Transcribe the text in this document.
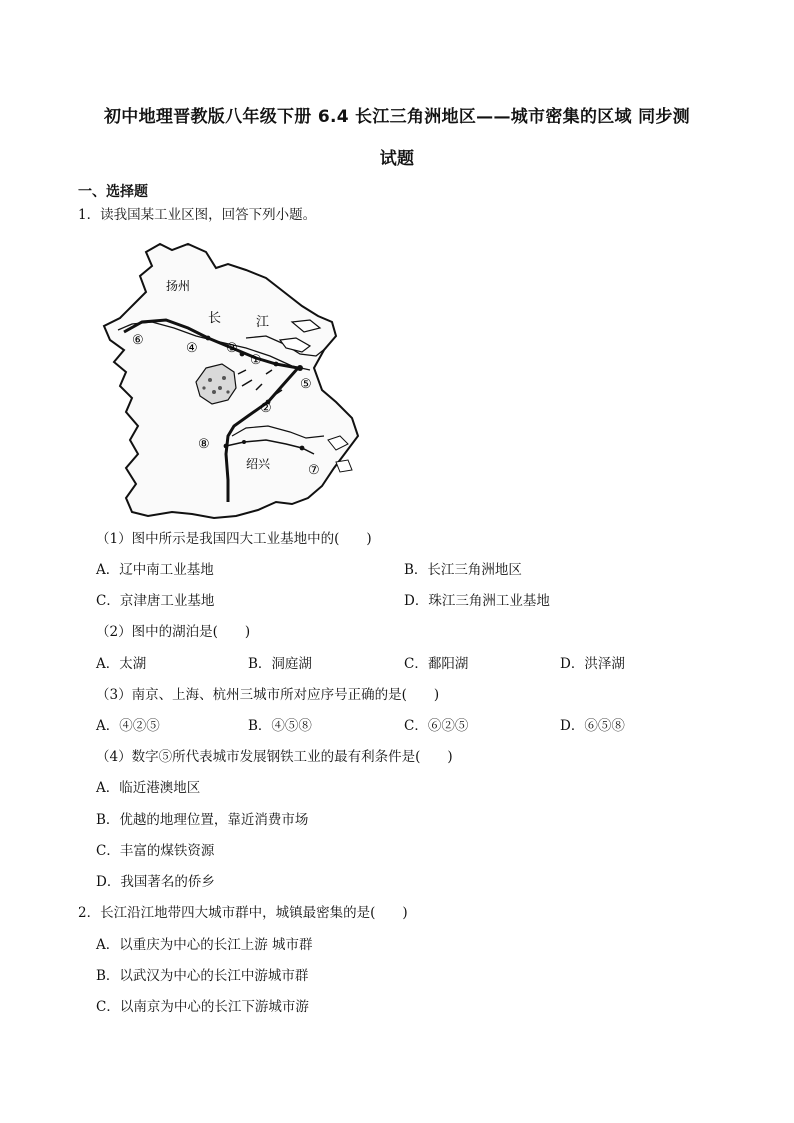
初中地理晋教版八年级下册 6.4 长江三角洲地区——城市密集的区域 同步测
试题
一、选择题
1．读我国某工业区图，回答下列小题。
扬州
长	江
绍兴
⑥
④ ③
①
⑤
②
⑧
⑦
（1）图中所示是我国四大工业基地中的(　　)
A．辽中南工业基地	B．长江三角洲地区
C．京津唐工业基地	D．珠江三角洲工业基地
（2）图中的湖泊是(　　)
A．太湖	B．洞庭湖	C．鄱阳湖	D．洪泽湖
（3）南京、上海、杭州三城市所对应序号正确的是(　　)
A．④②⑤	B．④⑤⑧	C．⑥②⑤	D．⑥⑤⑧
（4）数字⑤所代表城市发展钢铁工业的最有利条件是(　　)
A．临近港澳地区
B．优越的地理位置，靠近消费市场
C．丰富的煤铁资源
D．我国著名的侨乡
2．长江沿江地带四大城市群中，城镇最密集的是(　　)
A．以重庆为中心的长江上游 城市群
B．以武汉为中心的长江中游城市群
C．以南京为中心的长江下游城市游
